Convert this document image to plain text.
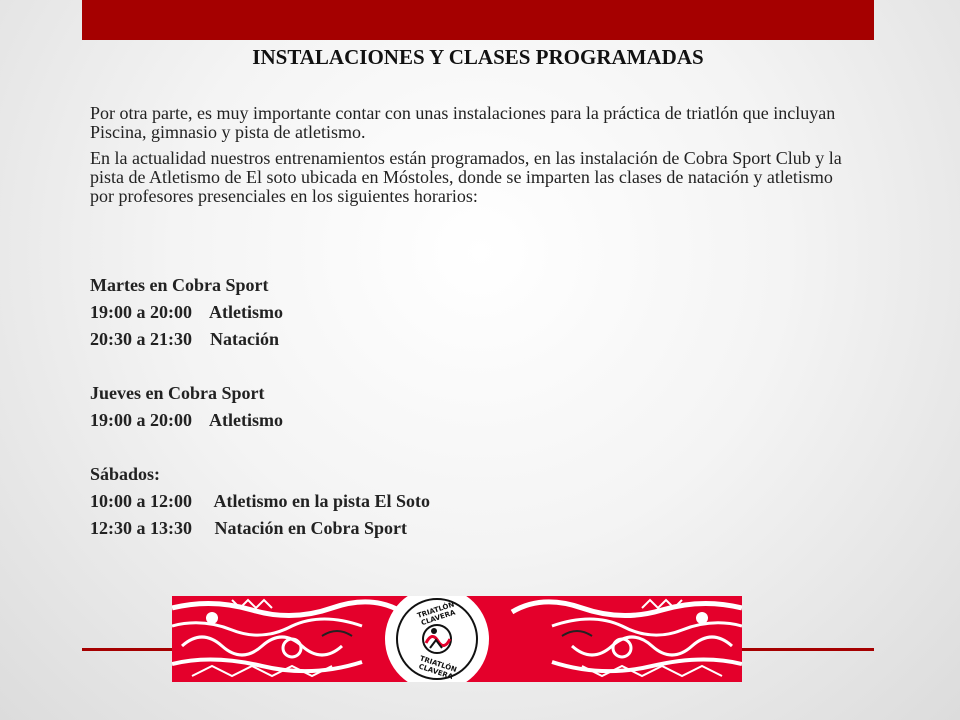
INSTALACIONES Y CLASES PROGRAMADAS

Por otra parte, es muy importante contar con unas instalaciones para la práctica de triatlón que incluyan Piscina, gimnasio y pista de atletismo.

En la actualidad nuestros entrenamientos están programados, en las instalación de Cobra Sport Club y la pista de Atletismo de El soto ubicada en Móstoles, donde se imparten las clases de natación y atletismo por profesores presenciales en los siguientes horarios:

Martes en Cobra Sport
19:00 a 20:00    Atletismo
20:30 a 21:30    Natación
Jueves en Cobra Sport
19:00 a 20:00    Atletismo
Sábados:
10:00 a 12:00     Atletismo en la pista El Soto
12:30 a 13:30     Natación en Cobra Sport
TRIATLÓN CLAVERA
TRIATLÓN CLAVERA
